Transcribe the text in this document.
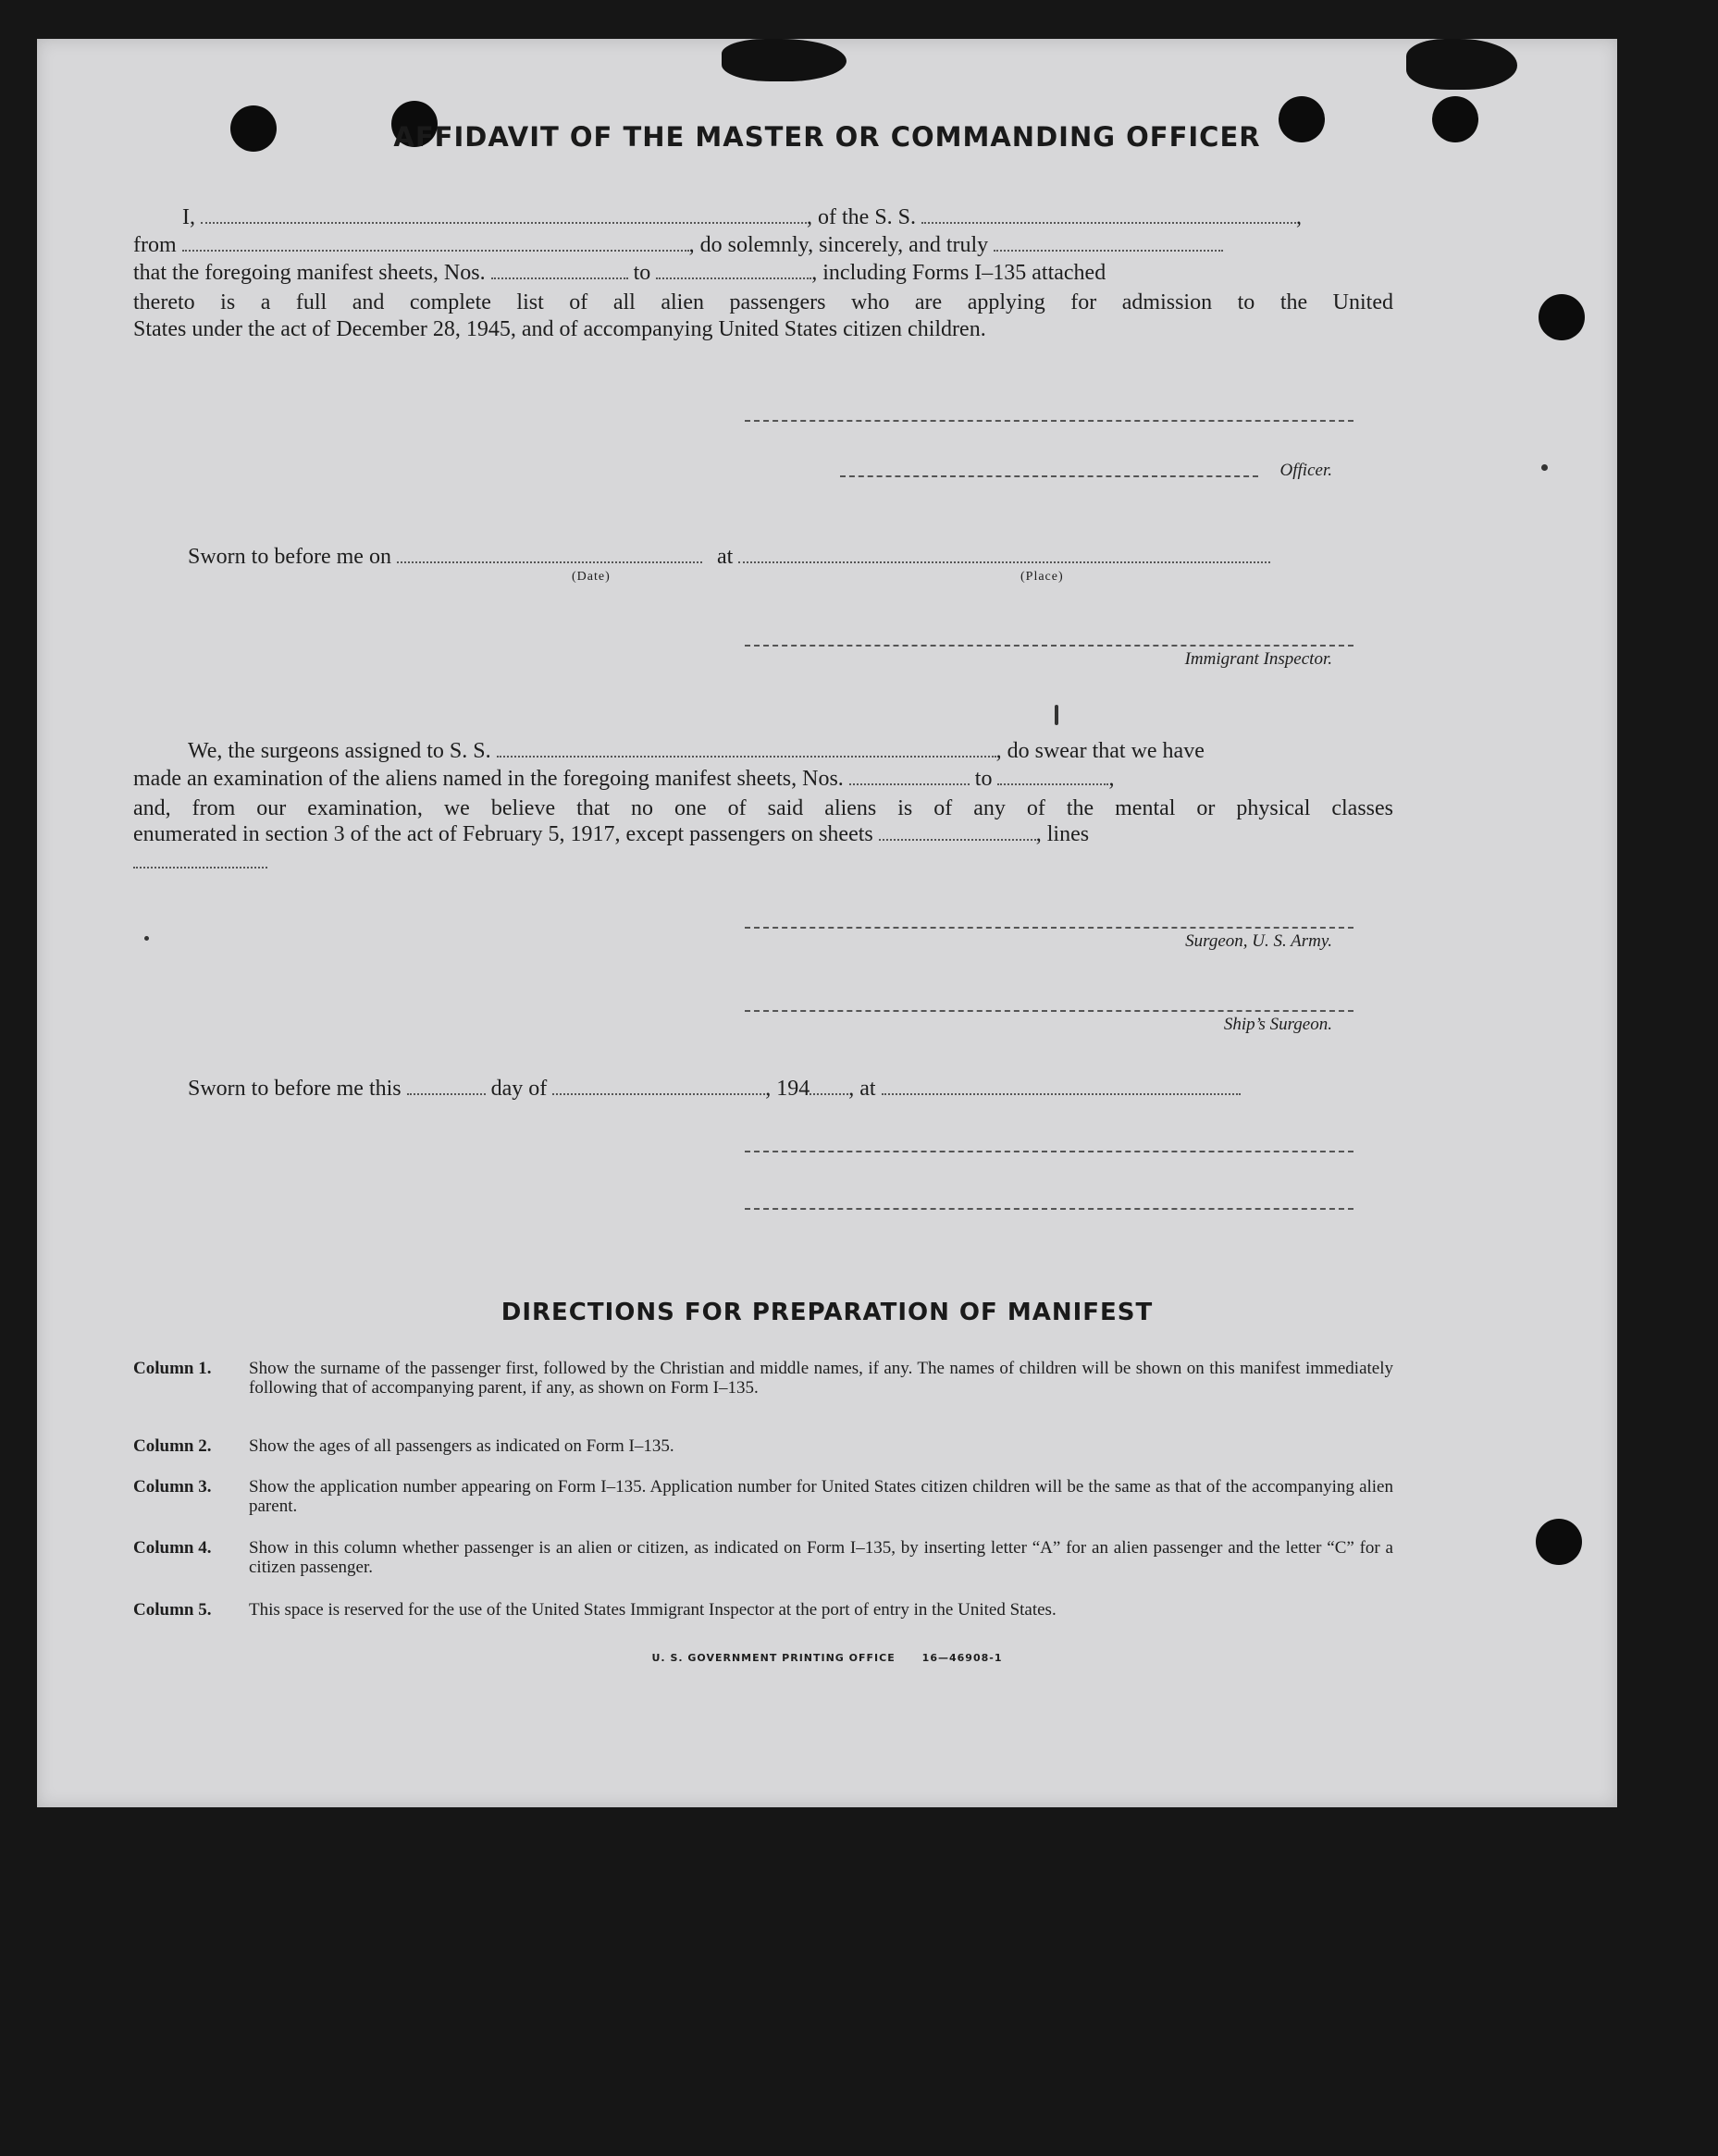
AFFIDAVIT OF THE MASTER OR COMMANDING OFFICER
I,	, of the S. S.	,
from	, do solemnly, sincerely, and truly
that the foregoing manifest sheets, Nos.	to	, including Forms I–135 attached
thereto is a full and complete list of all alien passengers who are applying for admission to the United
States under the act of December 28, 1945, and of accompanying United States citizen children.
Officer.
Sworn to before me on	at
(Date)	(Place)
Immigrant Inspector.
We, the surgeons assigned to S. S.	, do swear that we have
made an examination of the aliens named in the foregoing manifest sheets, Nos.	to	,
and, from our examination, we believe that no one of said aliens is of any of the mental or physical classes
enumerated in section 3 of the act of February 5, 1917, except passengers on sheets	, lines
Surgeon, U. S. Army.
Ship’s Surgeon.
Sworn to before me this	day of	, 194 , at
DIRECTIONS FOR PREPARATION OF MANIFEST
Column 1.	Show the surname of the passenger first, followed by the Christian and middle names, if any. The names of children will be shown on this manifest immediately following that of accompanying parent, if any, as shown on Form I–135.
Column 2.	Show the ages of all passengers as indicated on Form I–135.
Column 3.	Show the application number appearing on Form I–135. Application number for United States citizen children will be the same as that of the accompanying alien parent.
Column 4.	Show in this column whether passenger is an alien or citizen, as indicated on Form I–135, by inserting letter “A” for an alien passenger and the letter “C” for a citizen passenger.
Column 5.	This space is reserved for the use of the United States Immigrant Inspector at the port of entry in the United States.
U. S. GOVERNMENT PRINTING OFFICE      16—46908-1
